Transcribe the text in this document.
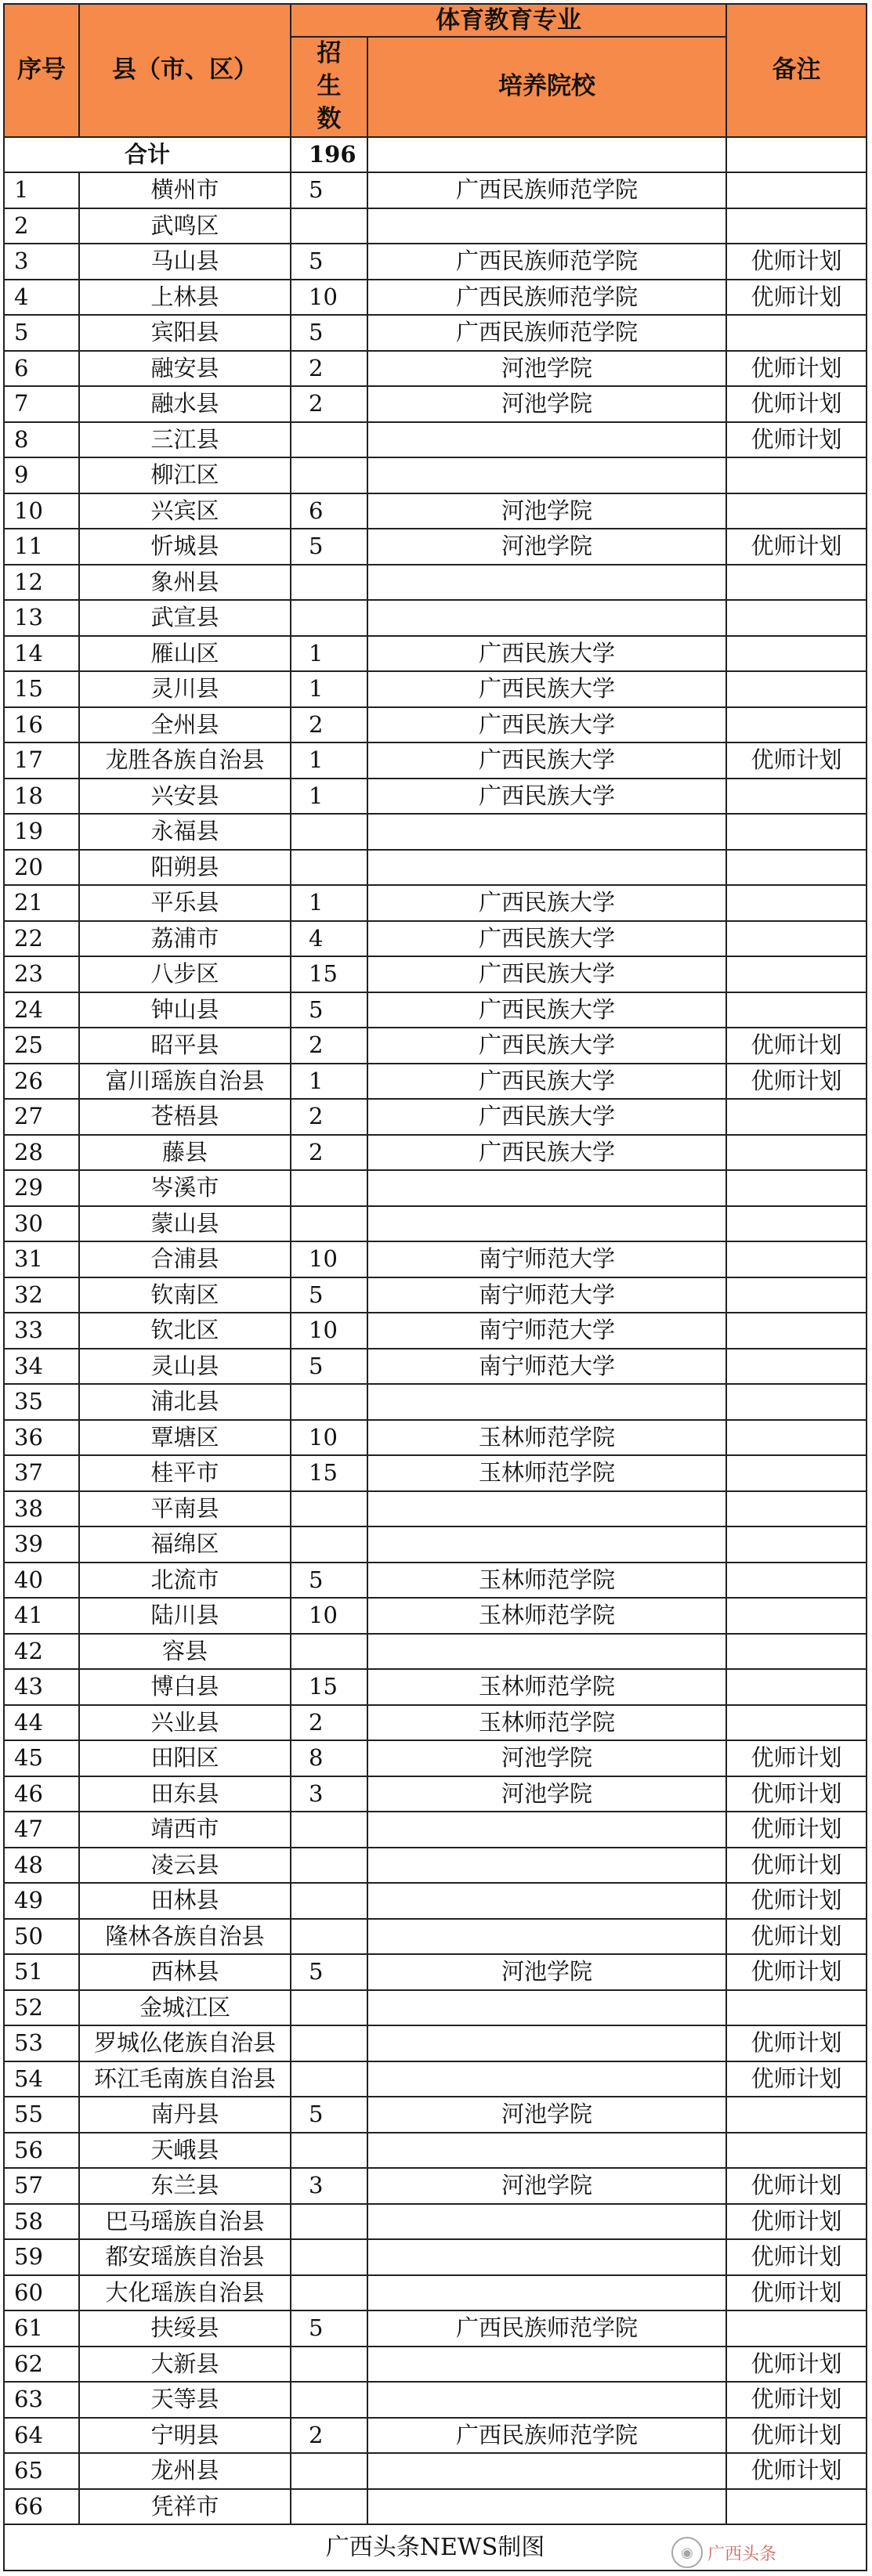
序号	县（市、区）	体育教育专业		备注
		招生数	培养院校	
合计		196		
1	横州市	5	广西民族师范学院	
2	武鸣区			
3	马山县	5	广西民族师范学院	优师计划
4	上林县	10	广西民族师范学院	优师计划
5	宾阳县	5	广西民族师范学院	
6	融安县	2	河池学院	优师计划
7	融水县	2	河池学院	优师计划
8	三江县			优师计划
9	柳江区			
10	兴宾区	6	河池学院	
11	忻城县	5	河池学院	优师计划
12	象州县			
13	武宣县			
14	雁山区	1	广西民族大学	
15	灵川县	1	广西民族大学	
16	全州县	2	广西民族大学	
17	龙胜各族自治县	1	广西民族大学	优师计划
18	兴安县	1	广西民族大学	
19	永福县			
20	阳朔县			
21	平乐县	1	广西民族大学	
22	荔浦市	4	广西民族大学	
23	八步区	15	广西民族大学	
24	钟山县	5	广西民族大学	
25	昭平县	2	广西民族大学	优师计划
26	富川瑶族自治县	1	广西民族大学	优师计划
27	苍梧县	2	广西民族大学	
28	藤县	2	广西民族大学	
29	岑溪市			
30	蒙山县			
31	合浦县	10	南宁师范大学	
32	钦南区	5	南宁师范大学	
33	钦北区	10	南宁师范大学	
34	灵山县	5	南宁师范大学	
35	浦北县			
36	覃塘区	10	玉林师范学院	
37	桂平市	15	玉林师范学院	
38	平南县			
39	福绵区			
40	北流市	5	玉林师范学院	
41	陆川县	10	玉林师范学院	
42	容县			
43	博白县	15	玉林师范学院	
44	兴业县	2	玉林师范学院	
45	田阳区	8	河池学院	优师计划
46	田东县	3	河池学院	优师计划
47	靖西市			优师计划
48	凌云县			优师计划
49	田林县			优师计划
50	隆林各族自治县			优师计划
51	西林县	5	河池学院	优师计划
52	金城江区			
53	罗城仫佬族自治县			优师计划
54	环江毛南族自治县			优师计划
55	南丹县	5	河池学院	
56	天峨县			
57	东兰县	3	河池学院	优师计划
58	巴马瑶族自治县			优师计划
59	都安瑶族自治县			优师计划
60	大化瑶族自治县			优师计划
61	扶绥县	5	广西民族师范学院	
62	大新县			优师计划
63	天等县			优师计划
64	宁明县	2	广西民族师范学院	优师计划
65	龙州县			优师计划
66	凭祥市			
广西头条NEWS制图					◉ 广西头条
